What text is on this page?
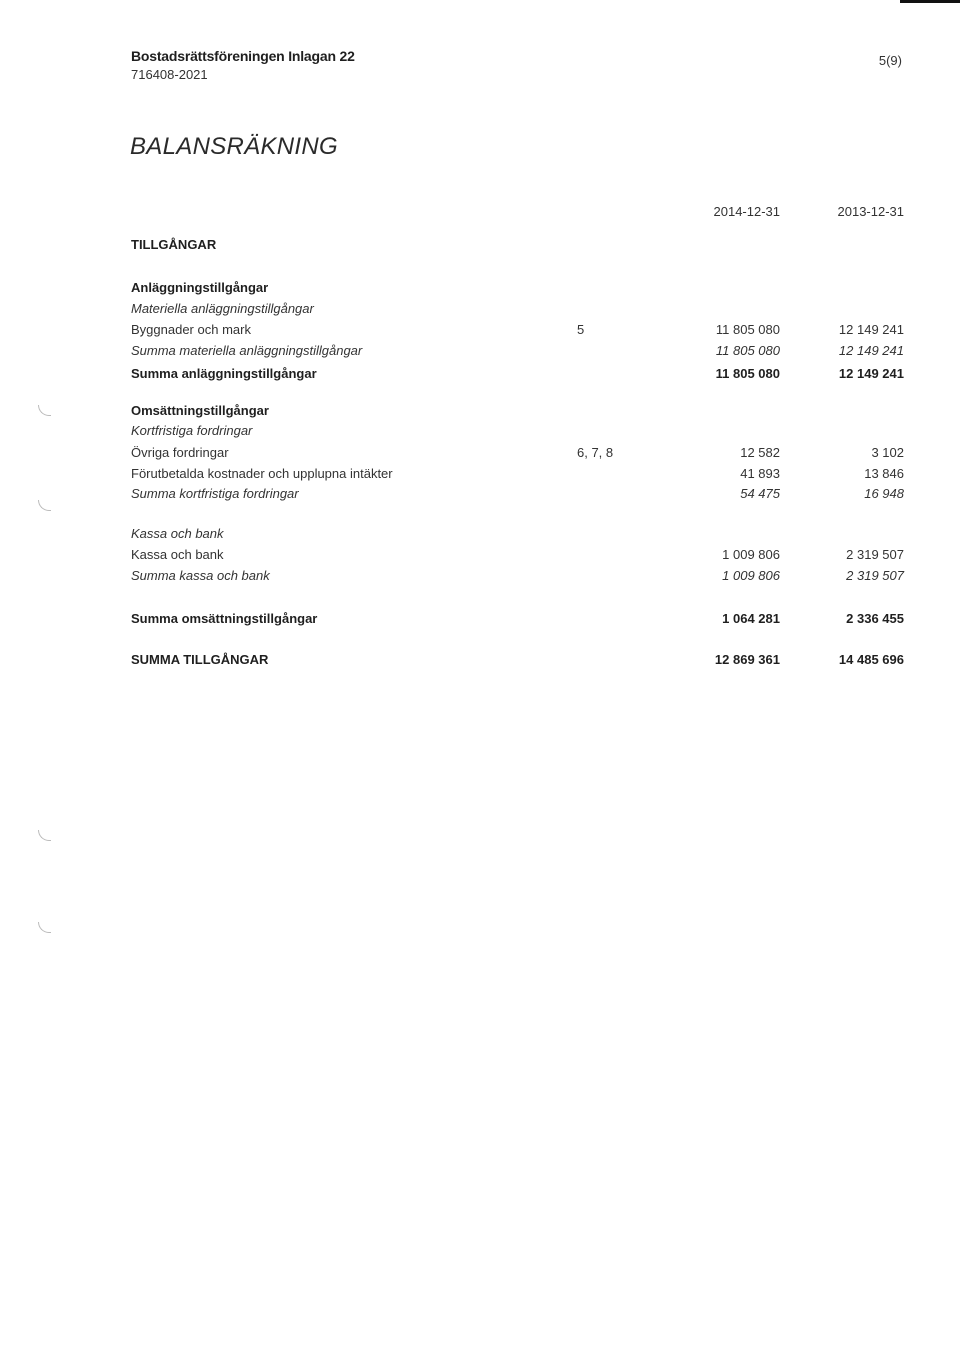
Bostadsrättsföreningen Inlagan 22
716408-2021
5(9)
BALANSRÄKNING
2014-12-31	2013-12-31
TILLGÅNGAR
Anläggningstillgångar
Materiella anläggningstillgångar
Byggnader och mark	5	11 805 080	12 149 241
Summa materiella anläggningstillgångar	11 805 080	12 149 241
Summa anläggningstillgångar	11 805 080	12 149 241
Omsättningstillgångar
Kortfristiga fordringar
Övriga fordringar	6, 7, 8	12 582	3 102
Förutbetalda kostnader och upplupna intäkter	41 893	13 846
Summa kortfristiga fordringar	54 475	16 948
Kassa och bank
Kassa och bank	1 009 806	2 319 507
Summa kassa och bank	1 009 806	2 319 507
Summa omsättningstillgångar	1 064 281	2 336 455
SUMMA TILLGÅNGAR	12 869 361	14 485 696
